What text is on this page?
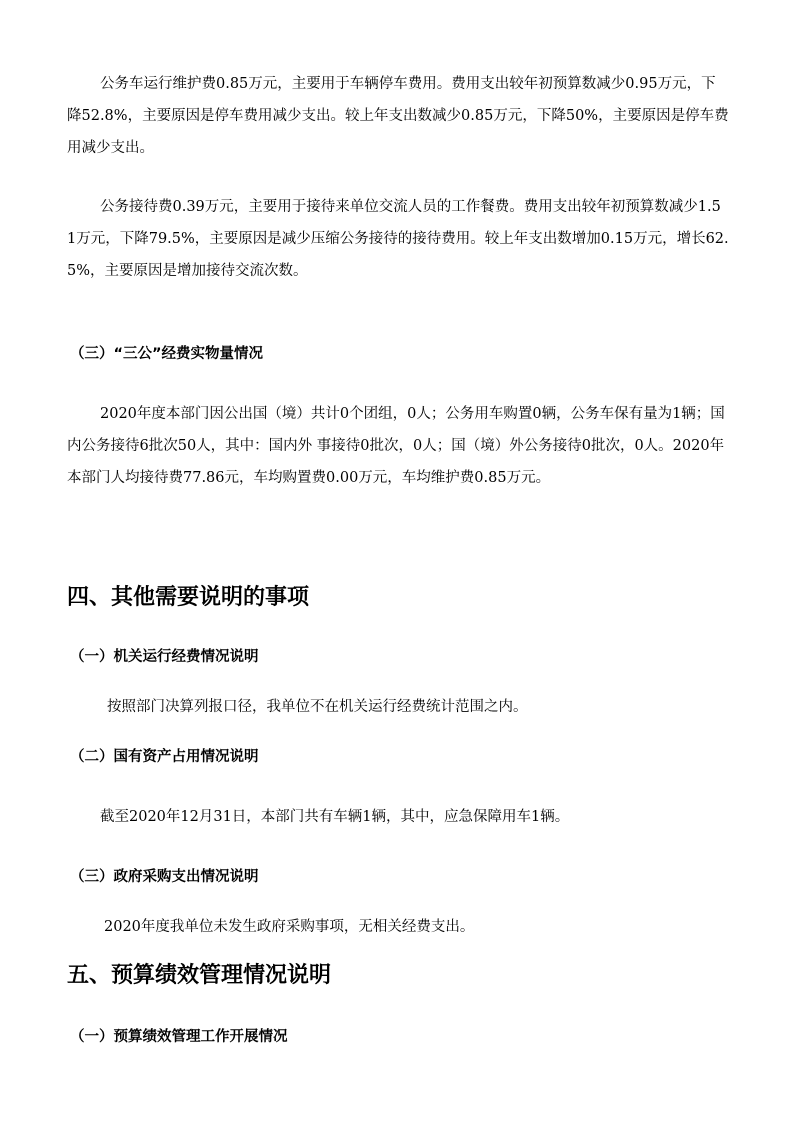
公务车运行维护费0.85万元，主要用于车辆停车费用。费用支出较年初预算数减少0.95万元，下降52.8%，主要原因是停车费用减少支出。较上年支出数减少0.85万元，下降50%，主要原因是停车费用减少支出。

公务接待费0.39万元，主要用于接待来单位交流人员的工作餐费。费用支出较年初预算数减少1.51万元，下降79.5%，主要原因是减少压缩公务接待的接待费用。较上年支出数增加0.15万元，增长62.5%，主要原因是增加接待交流次数。

（三）“三公”经费实物量情况

2020年度本部门因公出国（境）共计0个团组，0人；公务用车购置0辆，公务车保有量为1辆；国内公务接待6批次50人，其中：国内外 事接待0批次，0人；国（境）外公务接待0批次，0人。2020年本部门人均接待费77.86元，车均购置费0.00万元，车均维护费0.85万元。

四、其他需要说明的事项

（一）机关运行经费情况说明

按照部门决算列报口径，我单位不在机关运行经费统计范围之内。

（二）国有资产占用情况说明

截至2020年12月31日，本部门共有车辆1辆，其中，应急保障用车1辆。

（三）政府采购支出情况说明

2020年度我单位未发生政府采购事项，无相关经费支出。

五、预算绩效管理情况说明

（一）预算绩效管理工作开展情况
